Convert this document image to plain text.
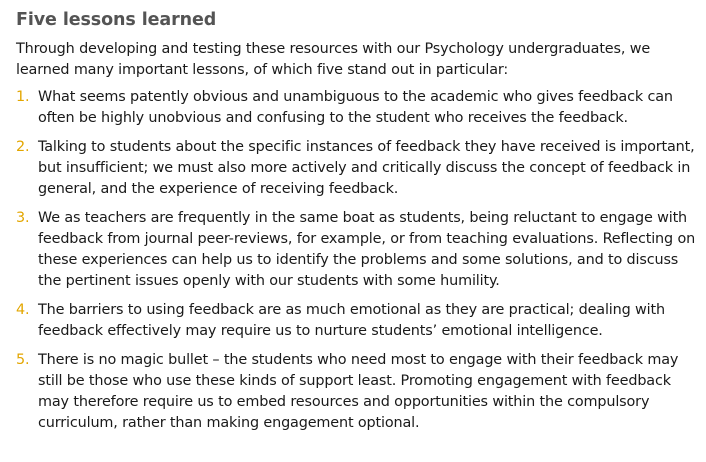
Five lessons learned

Through developing and testing these resources with our Psychology undergraduates, we learned many important lessons, of which five stand out in particular:

1. What seems patently obvious and unambiguous to the academic who gives feedback can often be highly unobvious and confusing to the student who receives the feedback.
2. Talking to students about the specific instances of feedback they have received is important, but insufficient; we must also more actively and critically discuss the concept of feedback in general, and the experience of receiving feedback.
3. We as teachers are frequently in the same boat as students, being reluctant to engage with feedback from journal peer-reviews, for example, or from teaching evaluations. Reflecting on these experiences can help us to identify the problems and some solutions, and to discuss the pertinent issues openly with our students with some humility.
4. The barriers to using feedback are as much emotional as they are practical; dealing with feedback effectively may require us to nurture students’ emotional intelligence.
5. There is no magic bullet – the students who need most to engage with their feedback may still be those who use these kinds of support least. Promoting engagement with feedback may therefore require us to embed resources and opportunities within the compulsory curriculum, rather than making engagement optional.
